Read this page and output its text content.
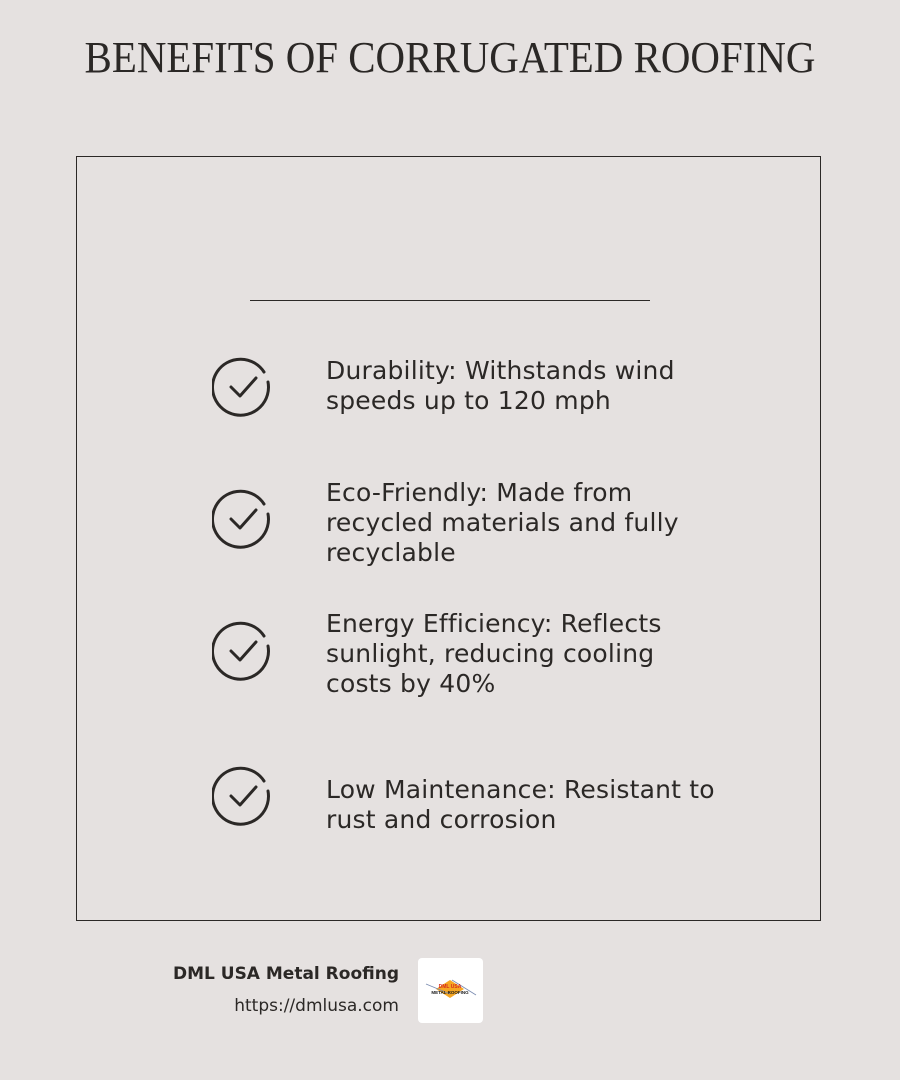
BENEFITS OF CORRUGATED ROOFING
Durability: Withstands wind speeds up to 120 mph
Eco-Friendly: Made from recycled materials and fully recyclable
Energy Efficiency: Reflects sunlight, reducing cooling costs by 40%
Low Maintenance: Resistant to rust and corrosion
DML USA Metal Roofing
https://dmlusa.com
DML USA
METAL ROOFING
